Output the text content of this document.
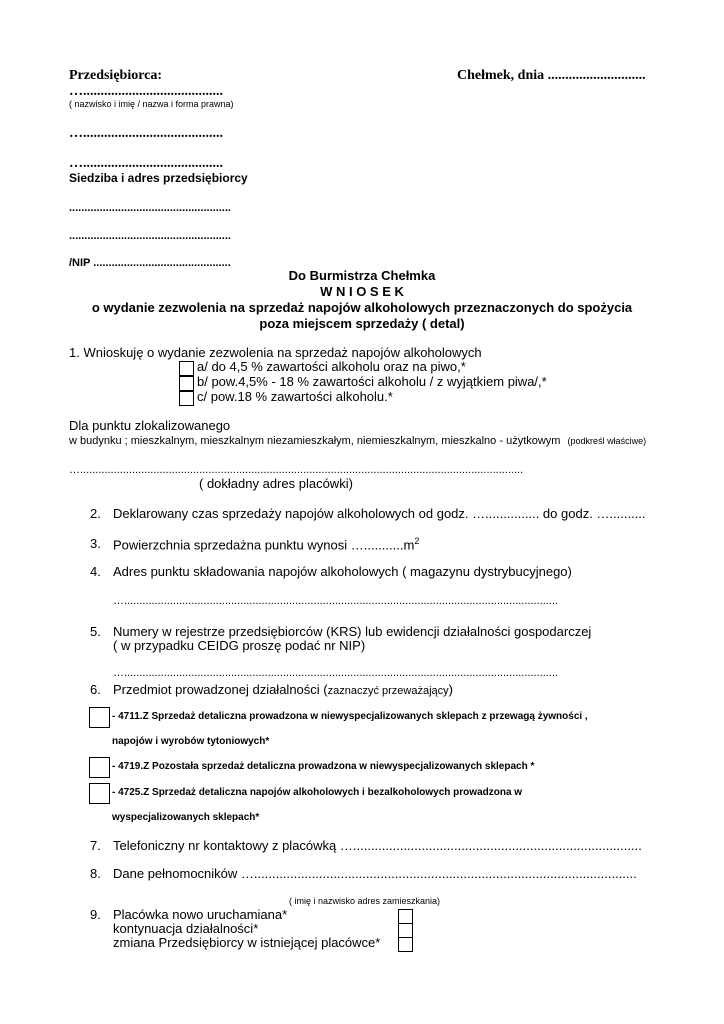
Przedsiębiorca:	Chełmek, dnia ............................
…........................................
( nazwisko i imię / nazwa i forma prawna)
…........................................
…........................................
Siedziba i adres przedsiębiorcy
.....................................................
.....................................................
/NIP .............................................
Do Burmistrza Chełmka
W N I O S E K
o wydanie zezwolenia na sprzedaż napojów alkoholowych przeznaczonych do spożycia
poza miejscem sprzedaży ( detal)
1. Wnioskuję o wydanie zezwolenia na sprzedaż napojów alkoholowych
a/ do 4,5 % zawartości alkoholu oraz na piwo,*
b/ pow.4,5% - 18 % zawartości alkoholu / z wyjątkiem piwa/,*
c/ pow.18 % zawartości alkoholu.*
Dla punktu zlokalizowanego
w budynku ; mieszkalnym, mieszkalnym niezamieszkałym, niemieszkalnym, mieszkalno - użytkowym (podkreśl właściwe)
….................................................................................................................................................
( dokładny adres placówki)
2. Deklarowany czas sprzedaży napojów alkoholowych od godz. …............... do godz. …..........
3. Powierzchnia sprzedażna punktu wynosi $\dots...........m^2$
4. Adres punktu składowania napojów alkoholowych ( magazynu dystrybucyjnego)
…..............................................................................................................................................
5. Numery w rejestrze przedsiębiorców (KRS) lub ewidencji działalności gospodarczej
( w przypadku CEIDG proszę podać nr NIP)
…..............................................................................................................................................
6. Przedmiot prowadzonej działalności (zaznaczyć przeważający)
- 4711.Z Sprzedaż detaliczna prowadzona w niewyspecjalizowanych sklepach z przewagą żywności ,
napojów i wyrobów tytoniowych*
- 4719.Z Pozostała sprzedaż detaliczna prowadzona w niewyspecjalizowanych sklepach *
- 4725.Z Sprzedaż detaliczna napojów alkoholowych i bezalkoholowych prowadzona w
wyspecjalizowanych sklepach*
7. Telefoniczny nr kontaktowy z placówką …................................................................................
8. Dane pełnomocników …..........................................................................................................
( imię i nazwisko adres zamieszkania)
9. Placówka nowo uruchamiana*
kontynuacja działalności*
zmiana Przedsiębiorcy w istniejącej placówce*
